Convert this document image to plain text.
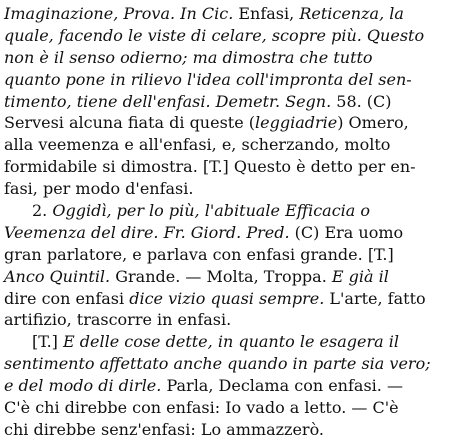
Imaginazione, Prova. In Cic. Enfasi, Reticenza, la
quale, facendo le viste di celare, scopre più. Questo
non è il senso odierno; ma dimostra che tutto
quanto pone in rilievo l'idea coll'impronta del sen-
timento, tiene dell'enfasi. Demetr. Segn. 58. (C)
Servesi alcuna fiata di queste (leggiadrie) Omero,
alla veemenza e all'enfasi, e, scherzando, molto
formidabile si dimostra. [T.] Questo è detto per en-
fasi, per modo d'enfasi.
2. Oggidì, per lo più, l'abituale Efficacia o
Veemenza del dire. Fr. Giord. Pred. (C) Era uomo
gran parlatore, e parlava con enfasi grande. [T.]
Anco Quintil. Grande. — Molta, Troppa. E già il
dire con enfasi dice vizio quasi sempre. L'arte, fatto
artifizio, trascorre in enfasi.
[T.] E delle cose dette, in quanto le esagera il
sentimento affettato anche quando in parte sia vero;
e del modo di dirle. Parla, Declama con enfasi. —
C'è chi direbbe con enfasi: Io vado a letto. — C'è
chi direbbe senz'enfasi: Lo ammazzerò.
